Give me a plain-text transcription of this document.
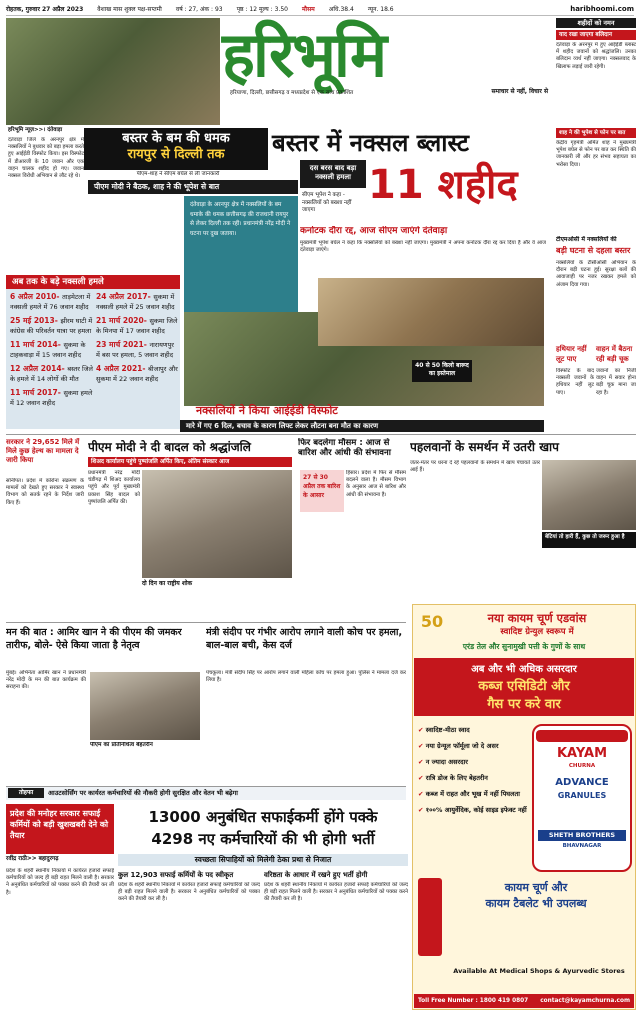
रोहतक, गुरुवार 27 अप्रैल 2023 वैशाख मास शुक्ल पक्ष-सप्तमी वर्ष : 27, अंक : 93 पृष्ठ : 12 मूल्य : 3.50 मौसम अधि.38.4 न्यून. 18.6	haribhoomi.com
हरिभूमि
हरियाणा, दिल्ली, छत्तीसगढ़ व मध्यप्रदेश से एक साथ प्रकाशित	समाचार से नहीं, विचार से
हरिभूमि न्यूज़>>। दंतेवाड़ा
बस्तर के बम की धमक
रायपुर से दिल्ली तक
पीएम-शाह ने सीएम बघेल से ली जानकारी
दंतेवाड़ा जिले के अरनपुर क्षेत्र में नक्सलियों ने बुधवार को बड़ा हमला करते हुए आईईडी विस्फोट किया। इस विस्फोट में डीआरजी के 10 जवान और एक वाहन चालक शहीद हो गए। जवान नक्सल विरोधी अभियान से लौट रहे थे।
बस्तर में नक्सल ब्लास्ट
पीएम मोदी ने बैठक, शाह ने की भूपेश से बात
दस बरस बाद बड़ा नक्सली हमला 11 शहीद
सीएम भूपेश ने कहा - नक्सलियों को बख्शा नहीं जाएगा
दंतेवाड़ा के अरनपुर क्षेत्र में नक्सलियों के बम धमाके की धमक छत्तीसगढ़ की राजधानी रायपुर से लेकर दिल्ली तक रही। प्रधानमंत्री नरेंद्र मोदी ने घटना पर दुख जताया।	कर्नाटक दौरा रद्द, आज सीएम जाएंगे दंतेवाड़ा
मुख्यमंत्री भूपेश बघेल ने कहा कि नक्सलियों को बख्शा नहीं जाएगा। मुख्यमंत्री ने अपना कर्नाटक दौरा रद्द कर दिया है और वे आज दंतेवाड़ा जाएंगे।
40 से 50 किलो बारूद का इस्तेमाल
नक्सलियों ने किया आईईडी विस्फोट
मारे में गए 6 दिल, बचाव के कारण लिफ्ट लेकर लौटना बना मौत का कारण
अब तक के बड़े नक्सली हमले
6 अप्रैल 2010- ताड़मेटला में नक्सली हमले में 76 जवान शहीद
25 मई 2013- झीरम घाटी में कांग्रेस की परिवर्तन यात्रा पर हमला
11 मार्च 2014- सुकमा के टाहकवाड़ा में 15 जवान शहीद
12 अप्रैल 2014- बस्तर जिले के हमले में 14 लोगों की मौत
11 मार्च 2017- सुकमा हमले में 12 जवान शहीद
24 अप्रैल 2017- सुकमा में नक्सली हमले में 25 जवान शहीद
21 मार्च 2020- सुकमा जिले के मिनपा में 17 जवान शहीद
23 मार्च 2021- नारायणपुर में बस पर हमला, 5 जवान शहीद
4 अप्रैल 2021- बीजापुर और सुकमा में 22 जवान शहीद
शहीदों को नमन
याद रखा जाएगा बलिदान
दंतेवाड़ा के अरनपुर में हुए आईईडी ब्लास्ट में शहीद जवानों को श्रद्धांजलि। उनका बलिदान व्यर्थ नहीं जाएगा। नक्सलवाद के खिलाफ लड़ाई जारी रहेगी।
शाह ने की भूपेश से फोन पर बात
केंद्रीय गृहमंत्री अमित शाह ने मुख्यमंत्री भूपेश बघेल से फोन पर बात कर स्थिति की जानकारी ली और हर संभव सहायता का भरोसा दिया।
टीएमओसी में नक्सलियों की
बड़ी घटना से दहला बस्तर
नक्सलियों के टीसीओसी अभियान के दौरान बड़ी घटना हुई। सुरक्षा बलों की आवाजाही पर नजर रखकर हमले को अंजाम दिया गया।
हथियार नहीं लूट पाए
विस्फोट के बाद नक्सली जवानों के हथियार नहीं लूट पाए।
वाहन में बैठना रही बड़ी चूक
जवानों का निजी वाहन में सवार होना बड़ी चूक माना जा रहा है।
सरकार ने 29,652 मिले में मिले कुछ हेल्थ का मामला दे जारी किया
सोनीपत। प्रदेश में कोरोना संक्रमण के मामलों को देखते हुए सरकार ने स्वास्थ्य विभाग को सतर्क रहने के निर्देश जारी किए हैं।
पीएम मोदी ने दी बादल को श्रद्धांजलि
शिअद कार्यालय पहुंचे पुष्पांजलि अर्पित किए, अंतिम संस्कार आज
प्रधानमंत्री नरेंद्र मोदी चंडीगढ़ में शिअद कार्यालय पहुंचे और पूर्व मुख्यमंत्री प्रकाश सिंह बादल को पुष्पांजलि अर्पित की।
दो दिन का राष्ट्रीय शोक
फिर बदलेगा मौसम : आज से बारिश और आंधी की संभावना
27 से 30 अप्रैल तक बारिश के आसार
हिसार। प्रदेश में फिर से मौसम बदलने वाला है। मौसम विभाग के अनुसार आज से बारिश और आंधी की संभावना है।
पहलवानों के समर्थन में उतरी खाप
जंतर-मंतर पर धरना दे रहे पहलवानों के समर्थन में खाप पंचायतें उतर आई हैं।
बेटियां तो हारी हैं, कुछ तो जरूर हुआ है
मन की बात : आमिर खान ने की पीएम की जमकर तारीफ, बोले- ऐसे किया जाता है नेतृत्व
मुंबई। अभिनेता आमिर खान ने प्रधानमंत्री नरेंद्र मोदी के मन की बात कार्यक्रम की सराहना की।
पीएम का प्रतिनिधित्व बेहतरीन
मंत्री संदीप पर गंभीर आरोप लगाने वाली कोच पर हमला, बाल-बाल बची, केस दर्ज
पंचकूला। मंत्री संदीप सिंह पर आरोप लगाने वाली महिला कोच पर हमला हुआ। पुलिस ने मामला दर्ज कर लिया है।
तोहफा	आउटसोर्सिंग पर कार्यरत कर्मचारियों की नौकरी होगी सुरक्षित और वेतन भी बढ़ेगा
प्रदेश की मनोहर सरकार सफाई कर्मियों को बड़ी खुशखबरी देने को तैयार
रवींद्र राठी>> बहादुरगढ़
प्रदेश के शहरी स्थानीय निकायों में कार्यरत हजारों सफाई कर्मचारियों को जल्द ही बड़ी राहत मिलने वाली है। सरकार ने अनुबंधित कर्मचारियों को पक्का करने की तैयारी कर ली है।
13000 अनुबंधित सफाईकर्मी होंगे पक्के
4298 नए कर्मचारियों की भी होगी भर्ती
स्वच्छता सिपाहियों को मिलेगी ठेका प्रथा से निजात
कुल 12,903 सफाई कर्मियों के पद स्वीकृत	वरिष्ठता के आधार में रखने हुए भर्ती होगी
प्रदेश के शहरी स्थानीय निकायों में कार्यरत हजारों सफाई कर्मचारियों को जल्द ही बड़ी राहत मिलने वाली है। सरकार ने अनुबंधित कर्मचारियों को पक्का करने की तैयारी कर ली है।
प्रदेश के शहरी स्थानीय निकायों में कार्यरत हजारों सफाई कर्मचारियों को जल्द ही बड़ी राहत मिलने वाली है। सरकार ने अनुबंधित कर्मचारियों को पक्का करने की तैयारी कर ली है।
50	नया कायम चूर्ण एडवांस
स्वादिष्ट ग्रेन्युल स्वरूप में
एरंड तेल और सुनामुखी पत्ती के गुणों के साथ
अब और भी अधिक असरदार
कब्ज एसिडिटी और
गैस पर करे वार
✔ स्वादिष्ट-मीठा स्वाद
✔ नया ग्रेन्यूल फॉर्मूला जो दे असर
✔ न ज्यादा असरदार
✔ रात्रि डोज के लिए बेहतरीन
✔ कब्ज में राहत और भूख में नहीं पिघलता
✔ १००% आयुर्वेदिक, कोई साइड इफेक्ट नहीं
KAYAM
CHURNA
ADVANCE
GRANULES
SHETH BROTHERS
BHAVNAGAR
कायम चूर्ण और
कायम टैबलेट भी उपलब्ध
Available At Medical Shops & Ayurvedic Stores
Toll Free Number : 1800 419 0807 contact@kayamchurna.com
